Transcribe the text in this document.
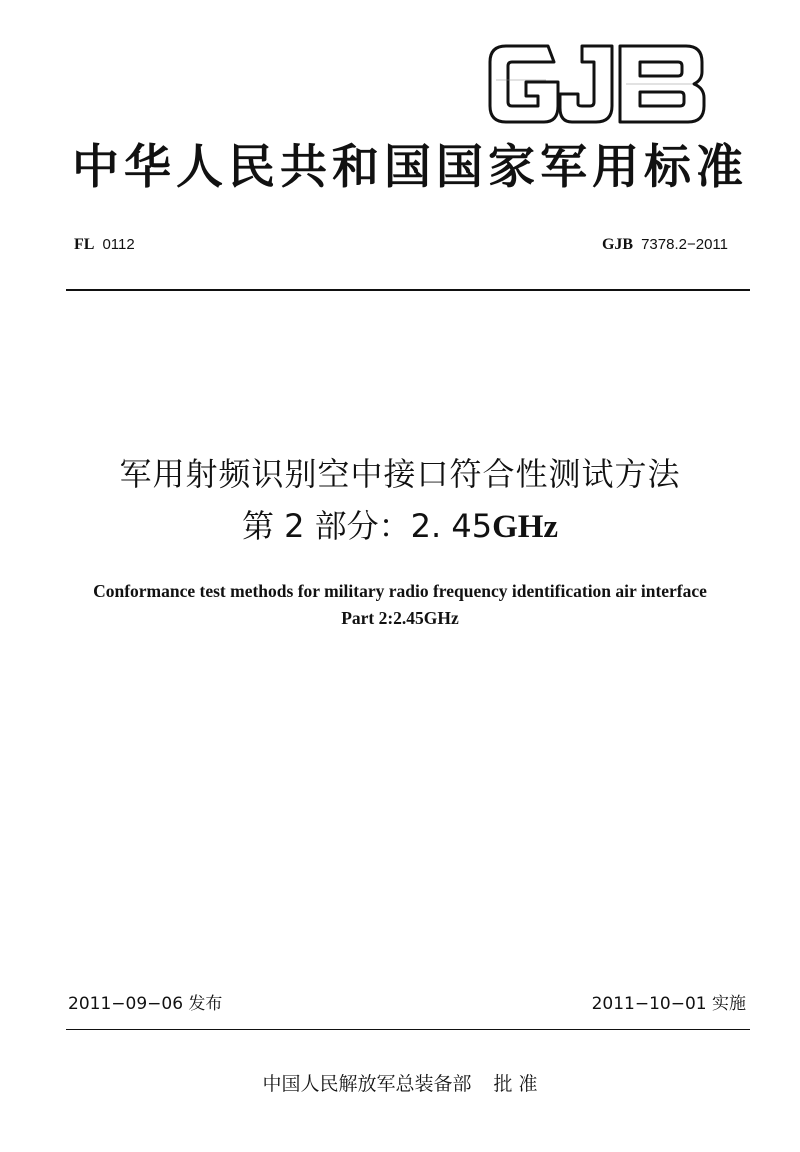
中华人民共和国国家军用标准
FL 0112	GJB 7378.2−2011
军用射频识别空中接口符合性测试方法
第 2 部分：2. 45GHz
Conformance test methods for military radio frequency identification air interface
Part 2:2.45GHz
2011−09−06 发布	2011−10−01 实施
中国人民解放军总装备部 批 准
